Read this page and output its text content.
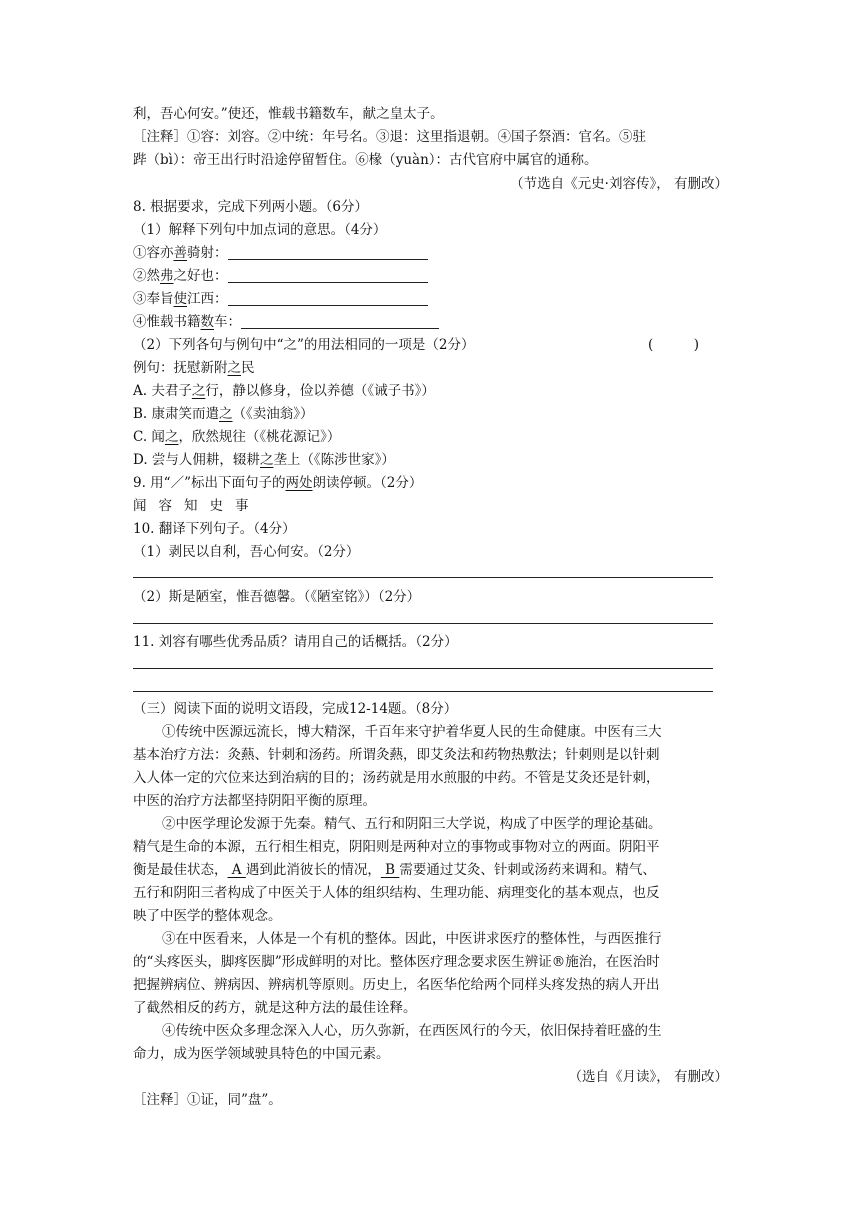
利，吾心何安。”使还，惟载书籍数车，献之皇太子。
［注释］①容：刘容。②中统：年号名。③退：这里指退朝。④国子祭酒：官名。⑤驻
跸（bì）：帝王出行时沿途停留暂住。⑥椽（yuàn）：古代官府中属官的通称。
（节选自《元史·刘容传》， 有删改）
8. 根据要求，完成下列两小题。（6分）
（1）解释下列句中加点词的意思。（4分）
①容亦善骑射：
②然弗之好也：
③奉旨使江西：
④惟载书籍数车：
（2）下列各句与例句中“之”的用法相同的一项是（2分）	(　　　)
例句：抚慰新附之民
A. 夫君子之行，静以修身，俭以养德（《诫子书》）
B. 康肃笑而遣之（《卖油翁》）
C. 闻之，欣然规往（《桃花源记》）
D. 尝与人佣耕，辍耕之垄上（《陈涉世家》）
9. 用“／”标出下面句子的两处朗读停顿。（2分）
闻容知史事
10. 翻译下列句子。（4分）
（1）剥民以自利，吾心何安。（2分）
（2）斯是陋室，惟吾德馨。（《陋室铭》）（2分）
11. 刘容有哪些优秀品质？请用自己的话概括。（2分）
（三）阅读下面的说明文语段，完成12-14题。（8分）
①传统中医源远流长，博大精深，千百年来守护着华夏人民的生命健康。中医有三大
基本治疗方法：灸爇、针刺和汤药。所谓灸爇，即艾灸法和药物热敷法；针刺则是以针刺
入人体一定的穴位来达到治病的目的；汤药就是用水煎服的中药。不管是艾灸还是针刺，
中医的治疗方法都坚持阴阳平衡的原理。
②中医学理论发源于先秦。精气、五行和阴阳三大学说，构成了中医学的理论基础。
精气是生命的本源，五行相生相克，阴阳则是两种对立的事物或事物对立的两面。阴阳平
衡是最佳状态， A 遇到此消彼长的情况， B 需要通过艾灸、针刺或汤药来调和。精气、
五行和阴阳三者构成了中医关于人体的组织结构、生理功能、病理变化的基本观点，也反
映了中医学的整体观念。
③在中医看来，人体是一个有机的整体。因此，中医讲求医疗的整体性，与西医推行
的“头疼医头，脚疼医脚”形成鲜明的对比。整体医疗理念要求医生辨证®施治，在医治时
把握辨病位、辨病因、辨病机等原则。历史上，名医华佗给两个同样头疼发热的病人开出
了截然相反的药方，就是这种方法的最佳诠释。
④传统中医众多理念深入人心，历久弥新，在西医风行的今天，依旧保持着旺盛的生
命力，成为医学领域驶具特色的中国元素。
（选自《月读》， 有删改）
［注释］①证，同”盘”。
